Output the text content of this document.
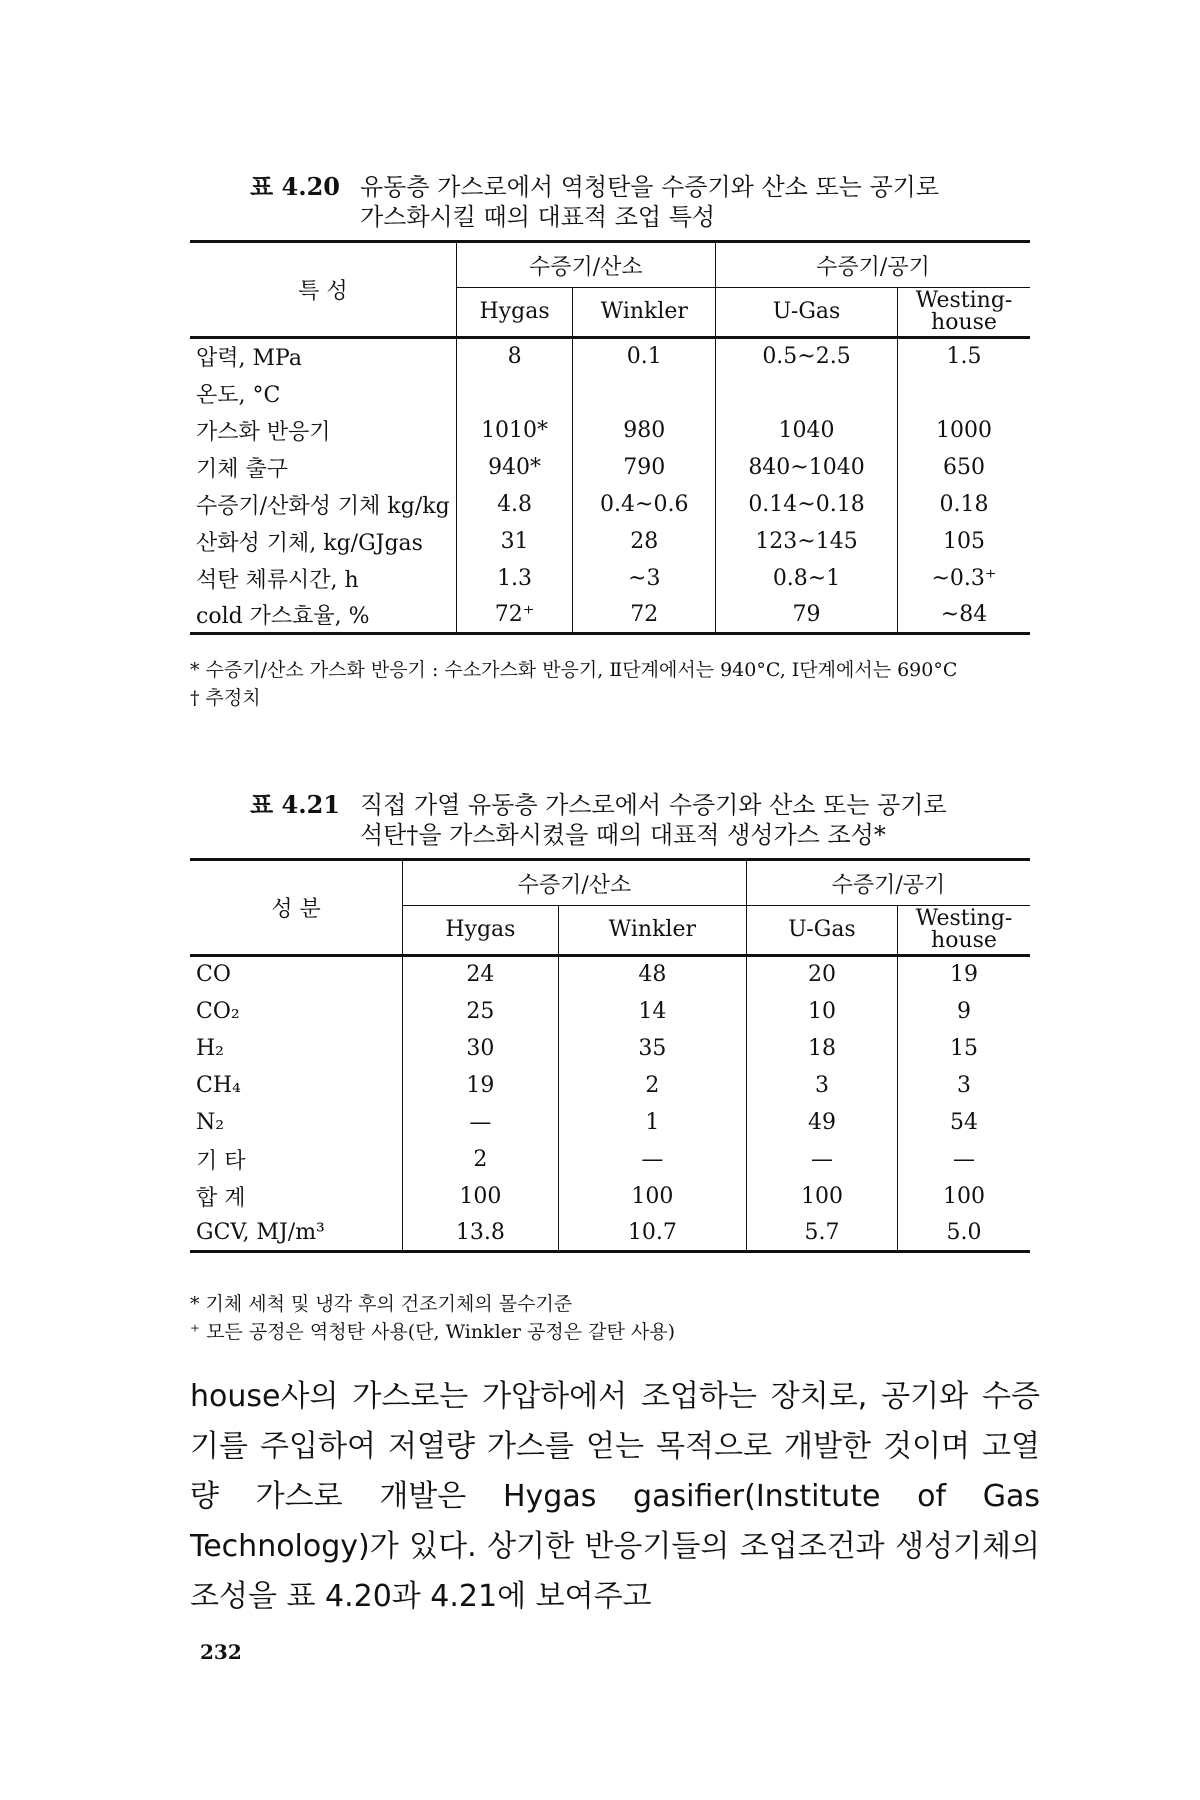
표 4.20 유동층 가스로에서 역청탄을 수증기와 산소 또는 공기로
가스화시킬 때의 대표적 조업 특성
특 성	수증기/산소		수증기/공기	
	Hygas	Winkler	U-Gas	Westing-house
압력, MPa	8	0.1	0.5~2.5	1.5
온도, °C				
가스화 반응기	1010*	980	1040	1000
기체 출구	940*	790	840~1040	650
수증기/산화성 기체 kg/kg	4.8	0.4~0.6	0.14~0.18	0.18
산화성 기체, kg/GJgas	31	28	123~145	105
석탄 체류시간, h	1.3	~3	0.8~1	~0.3⁺
cold 가스효율, %	72⁺	72	79	~84
* 수증기/산소 가스화 반응기 : 수소가스화 반응기, Ⅱ단계에서는 940°C, Ⅰ단계에서는 690°C
† 추정치
표 4.21 직접 가열 유동층 가스로에서 수증기와 산소 또는 공기로
석탄†을 가스화시켰을 때의 대표적 생성가스 조성*
성 분	수증기/산소		수증기/공기	
	Hygas	Winkler	U-Gas	Westing-house
CO	24	48	20	19
CO₂	25	14	10	9
H₂	30	35	18	15
CH₄	19	2	3	3
N₂	—	1	49	54
기 타	2	—	—	—
합 계	100	100	100	100
GCV, MJ/m³	13.8	10.7	5.7	5.0
* 기체 세척 및 냉각 후의 건조기체의 몰수기준
⁺ 모든 공정은 역청탄 사용(단, Winkler 공정은 갈탄 사용)
house사의 가스로는 가압하에서 조업하는 장치로, 공기와 수증기를 주입하여 저열량 가스를 얻는 목적으로 개발한 것이며 고열량 가스로 개발은 Hygas gasifier(Institute of Gas Technology)가 있다. 상기한 반응기들의 조업조건과 생성기체의 조성을 표 4.20과 4.21에 보여주고
232
